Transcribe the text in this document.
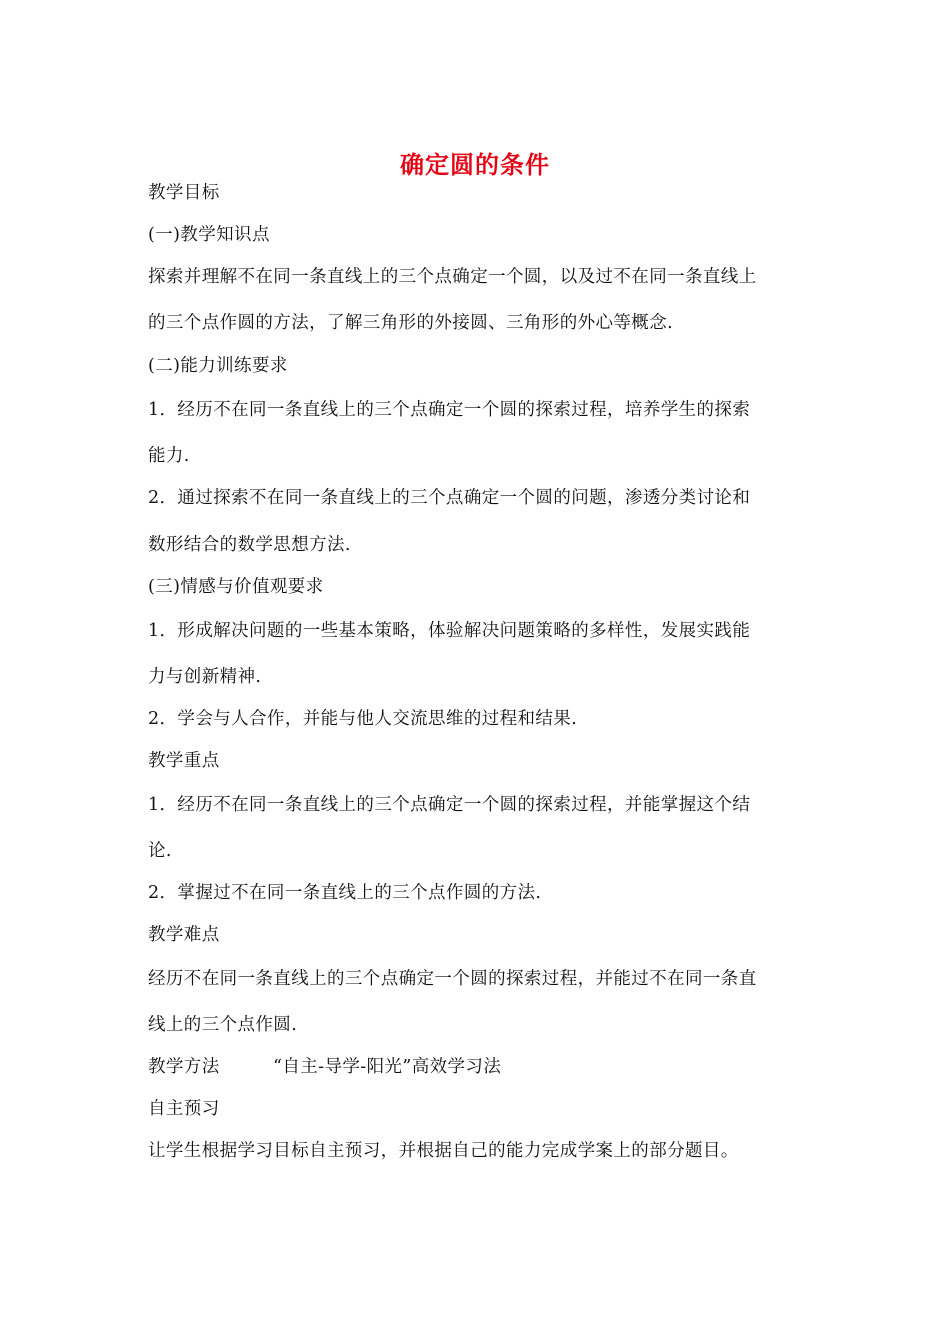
确定圆的条件
教学目标
(一)教学知识点
探索并理解不在同一条直线上的三个点确定一个圆，以及过不在同一条直线上
的三个点作圆的方法，了解三角形的外接圆、三角形的外心等概念.
(二)能力训练要求
1．经历不在同一条直线上的三个点确定一个圆的探索过程，培养学生的探索
能力.
2．通过探索不在同一条直线上的三个点确定一个圆的问题，渗透分类讨论和
数形结合的数学思想方法.
(三)情感与价值观要求
1．形成解决问题的一些基本策略，体验解决问题策略的多样性，发展实践能
力与创新精神.
2．学会与人合作，并能与他人交流思维的过程和结果.
教学重点
1．经历不在同一条直线上的三个点确定一个圆的探索过程，并能掌握这个结
论.
2．掌握过不在同一条直线上的三个点作圆的方法.
教学难点
经历不在同一条直线上的三个点确定一个圆的探索过程，并能过不在同一条直
线上的三个点作圆.
教学方法	“自主-导学-阳光”高效学习法
自主预习
让学生根据学习目标自主预习，并根据自己的能力完成学案上的部分题目。
